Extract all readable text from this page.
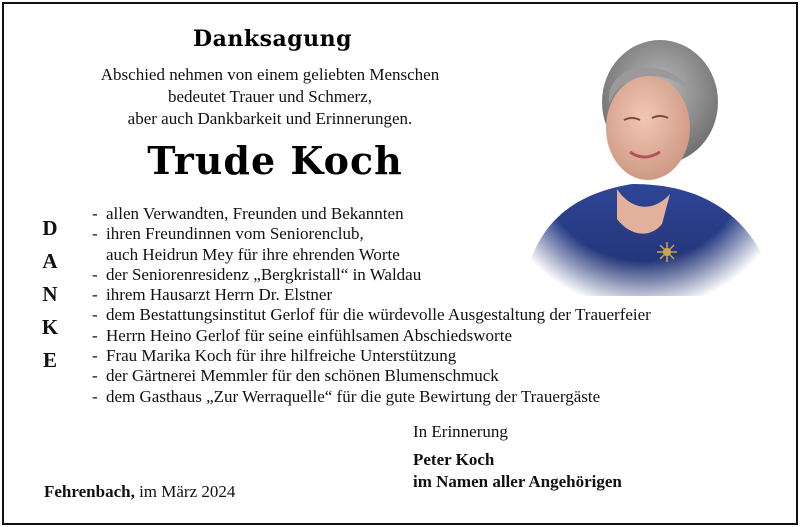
Danksagung
Abschied nehmen von einem geliebten Menschen
bedeutet Trauer und Schmerz,
aber auch Dankbarkeit und Erinnerungen.
Trude Koch
D
A
N
K
E
- allen Verwandten, Freunden und Bekannten
- ihren Freundinnen vom Seniorenclub,
auch Heidrun Mey für ihre ehrenden Worte
- der Seniorenresidenz „Bergkristall“ in Waldau
- ihrem Hausarzt Herrn Dr. Elstner
- dem Bestattungsinstitut Gerlof für die würdevolle Ausgestaltung der Trauerfeier
- Herrn Heino Gerlof für seine einfühlsamen Abschiedsworte
- Frau Marika Koch für ihre hilfreiche Unterstützung
- der Gärtnerei Memmler für den schönen Blumenschmuck
- dem Gasthaus „Zur Werraquelle“ für die gute Bewirtung der Trauergäste
In Erinnerung
Peter Koch
im Namen aller Angehörigen
Fehrenbach, im März 2024
